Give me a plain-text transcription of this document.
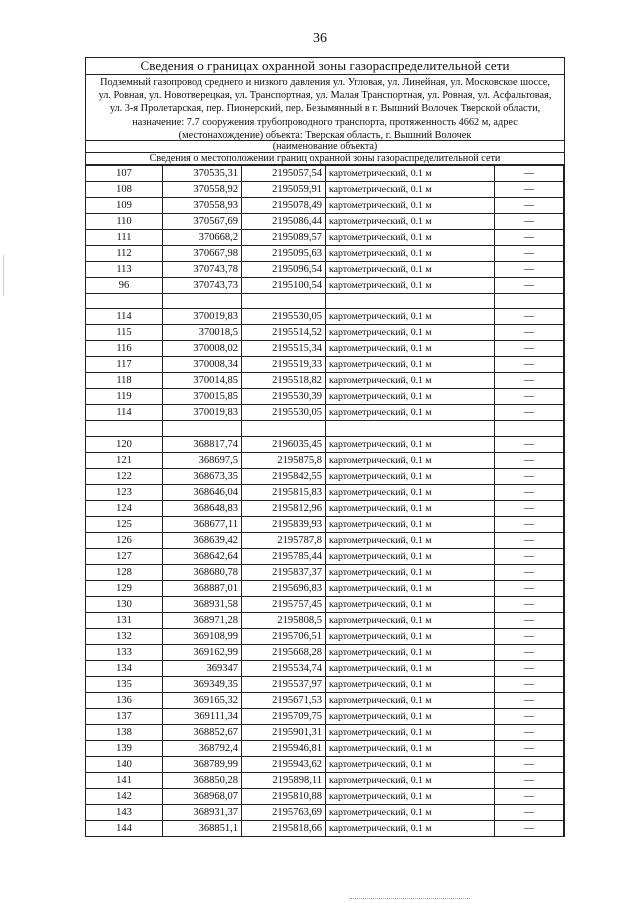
36
Сведения о границах охранной зоны газораспределительной сети
Подземный газопровод среднего и низкого давления ул. Угловая, ул. Линейная, ул. Московское шоссе,
ул. Ровная, ул. Новотверецкая, ул. Транспортная, ул. Малая Транспортная, ул. Ровная, ул. Асфальтовая,
ул. 3-я Пролетарская, пер. Пионерский, пер. Безымянный в г. Вышний Волочек Тверской области,
назначение: 7.7 сооружения трубопроводного транспорта, протяженность 4662 м, адрес
(местонахождение) объекта: Тверская область, г. Вышний Волочек
(наименование объекта)
Сведения о местоположении границ охранной зоны газораспределительной сети
107	370535,31	2195057,54	картометрический, 0.1 м	—
108	370558,92	2195059,91	картометрический, 0.1 м	—
109	370558,93	2195078,49	картометрический, 0.1 м	—
110	370567,69	2195086,44	картометрический, 0.1 м	—
111	370668,2	2195089,57	картометрический, 0.1 м	—
112	370667,98	2195095,63	картометрический, 0.1 м	—
113	370743,78	2195096,54	картометрический, 0.1 м	—
96	370743,73	2195100,54	картометрический, 0.1 м	—

114	370019,83	2195530,05	картометрический, 0.1 м	—
115	370018,5	2195514,52	картометрический, 0.1 м	—
116	370008,02	2195515,34	картометрический, 0.1 м	—
117	370008,34	2195519,33	картометрический, 0.1 м	—
118	370014,85	2195518,82	картометрический, 0.1 м	—
119	370015,85	2195530,39	картометрический, 0.1 м	—
114	370019,83	2195530,05	картометрический, 0.1 м	—

120	368817,74	2196035,45	картометрический, 0.1 м	—
121	368697,5	2195875,8	картометрический, 0.1 м	—
122	368673,35	2195842,55	картометрический, 0.1 м	—
123	368646,04	2195815,83	картометрический, 0.1 м	—
124	368648,83	2195812,96	картометрический, 0.1 м	—
125	368677,11	2195839,93	картометрический, 0.1 м	—
126	368639,42	2195787,8	картометрический, 0.1 м	—
127	368642,64	2195785,44	картометрический, 0.1 м	—
128	368680,78	2195837,37	картометрический, 0.1 м	—
129	368887,01	2195696,83	картометрический, 0.1 м	—
130	368931,58	2195757,45	картометрический, 0.1 м	—
131	368971,28	2195808,5	картометрический, 0.1 м	—
132	369108,99	2195706,51	картометрический, 0.1 м	—
133	369162,99	2195668,28	картометрический, 0.1 м	—
134	369347	2195534,74	картометрический, 0.1 м	—
135	369349,35	2195537,97	картометрический, 0.1 м	—
136	369165,32	2195671,53	картометрический, 0.1 м	—
137	369111,34	2195709,75	картометрический, 0.1 м	—
138	368852,67	2195901,31	картометрический, 0.1 м	—
139	368792,4	2195946,81	картометрический, 0.1 м	—
140	368789,99	2195943,62	картометрический, 0.1 м	—
141	368850,28	2195898,11	картометрический, 0.1 м	—
142	368968,07	2195810,88	картометрический, 0.1 м	—
143	368931,37	2195763,69	картометрический, 0.1 м	—
144	368851,1	2195818,66	картометрический, 0.1 м	—
